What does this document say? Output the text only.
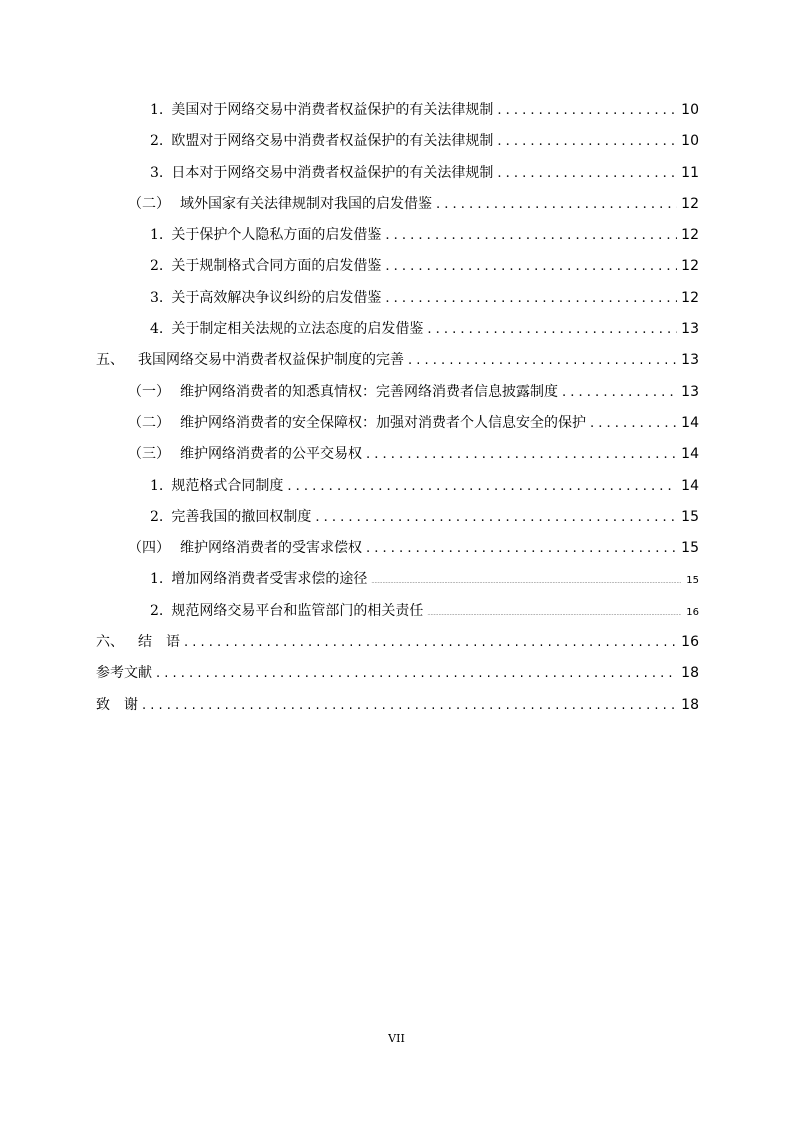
1. 美国对于网络交易中消费者权益保护的有关法律规制 . . .	10
2. 欧盟对于网络交易中消费者权益保护的有关法律规制 . . .	10
3. 日本对于网络交易中消费者权益保护的有关法律规制 . . .	11
（二） 域外国家有关法律规制对我国的启发借鉴 . . .	12
1. 关于保护个人隐私方面的启发借鉴 . . .	12
2. 关于规制格式合同方面的启发借鉴 . . .	12
3. 关于高效解决争议纠纷的启发借鉴 . . .	12
4. 关于制定相关法规的立法态度的启发借鉴 . . .	13
五、 我国网络交易中消费者权益保护制度的完善 . . .	13
（一） 维护网络消费者的知悉真情权：完善网络消费者信息披露制度 . . .	13
（二） 维护网络消费者的安全保障权：加强对消费者个人信息安全的保护 . . .	14
（三） 维护网络消费者的公平交易权 . . .	14
1. 规范格式合同制度 . . .	14
2. 完善我国的撤回权制度 . . .	15
（四） 维护网络消费者的受害求偿权 . . .	15
1. 增加网络消费者受害求偿的途径 .....	15
2. 规范网络交易平台和监管部门的相关责任 .....	16
六、 结　语 . . .	16
参考文献 . . .	18
致　谢 . . .	18
VII
